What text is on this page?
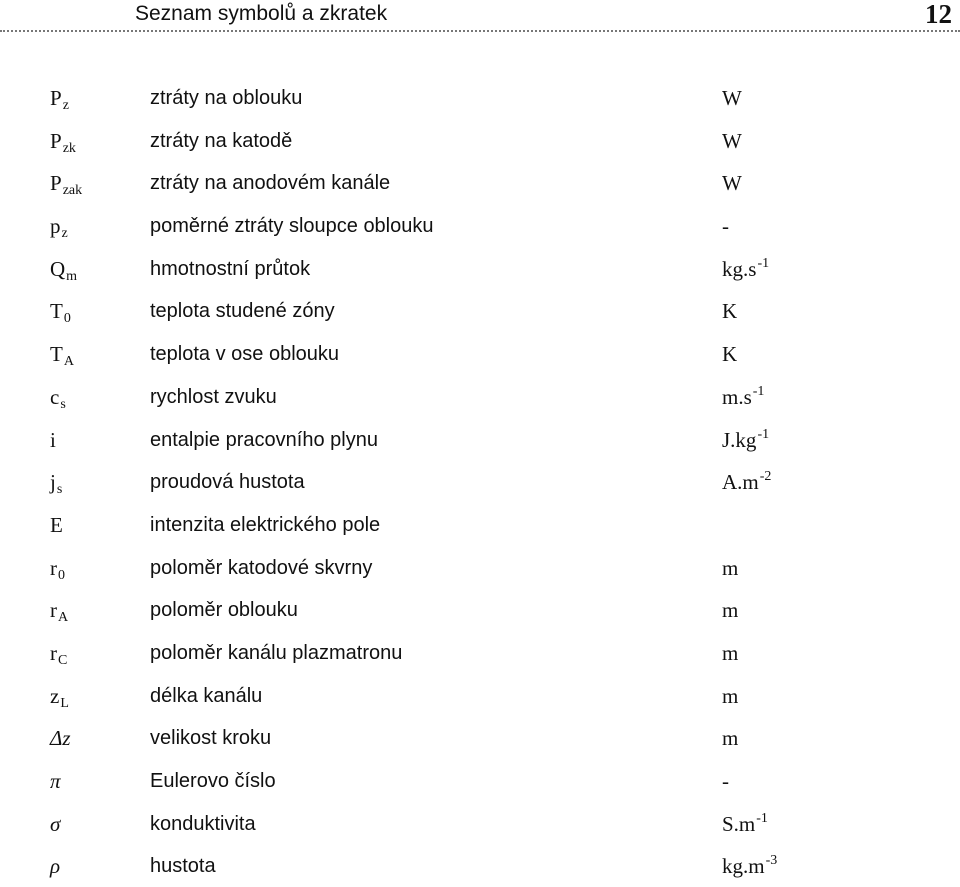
Seznam symbolů a zkratek	12
Pz	ztráty na oblouku	W
Pzk	ztráty na katodě	W
Pzak	ztráty na anodovém kanále	W
pz	poměrné ztráty sloupce oblouku	-
Qm	hmotnostní průtok	$kg.s^{-1}$
T0	teplota studené zóny	K
TA	teplota v ose oblouku	K
cs	rychlost zvuku	$m.s^{-1}$
i	entalpie pracovního plynu	$J.kg^{-1}$
js	proudová hustota	$A.m^{-2}$
E	intenzita elektrického pole
r0	poloměr katodové skvrny	m
rA	poloměr oblouku	m
rC	poloměr kanálu plazmatronu	m
zL	délka kanálu	m
Δz	velikost kroku	m
π	Eulerovo číslo	-
σ	konduktivita	$S.m^{-1}$
ρ	hustota	$kg.m^{-3}$
